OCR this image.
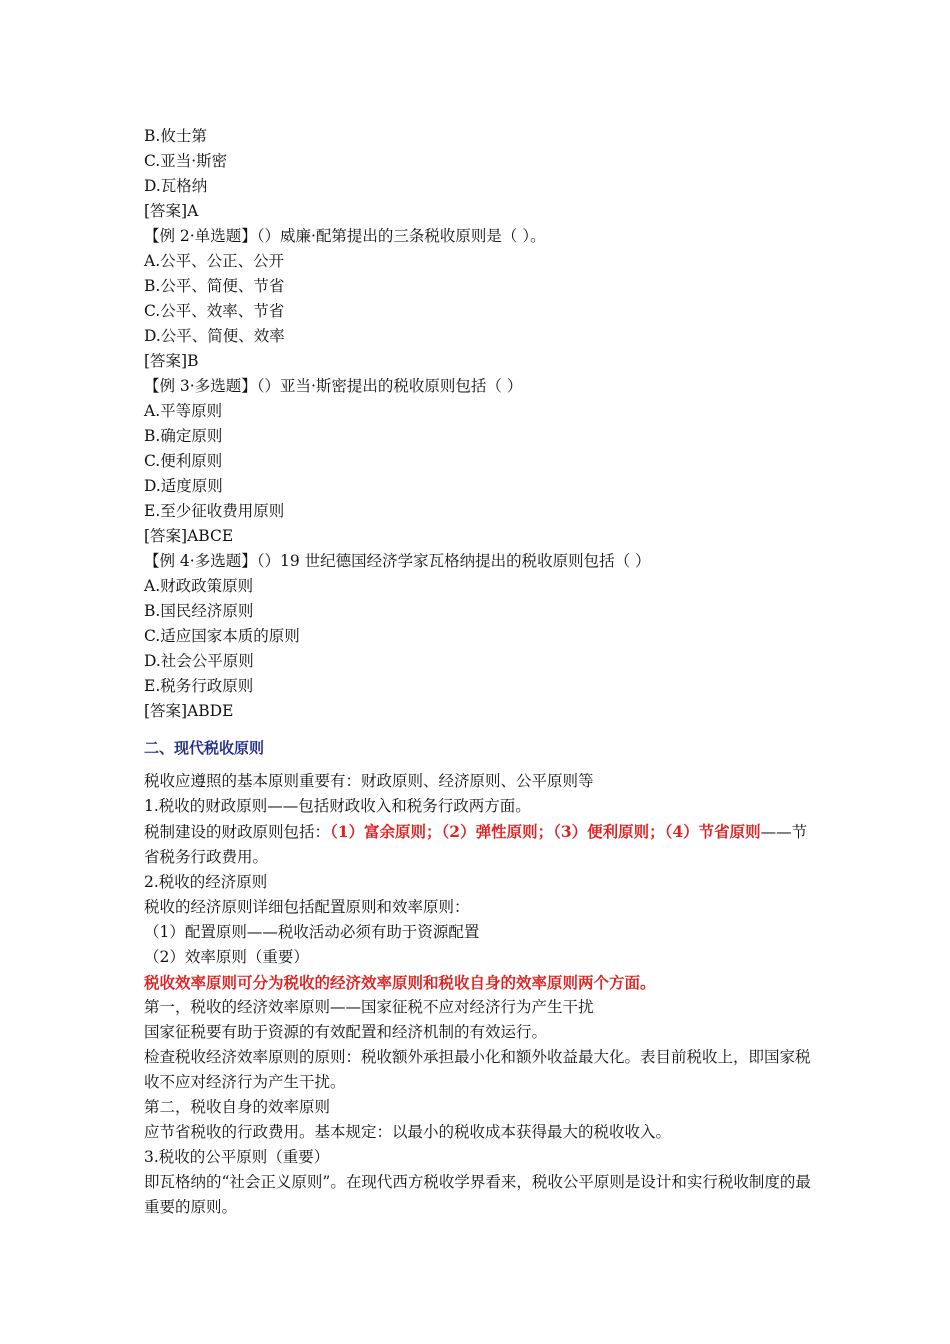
B.攸士第
C.亚当·斯密
D.瓦格纳
[答案]A
【例 2·单选题】（）威廉·配第提出的三条税收原则是（ ）。
A.公平、公正、公开
B.公平、简便、节省
C.公平、效率、节省
D.公平、简便、效率
[答案]B
【例 3·多选题】（）亚当·斯密提出的税收原则包括（ ）
A.平等原则
B.确定原则
C.便利原则
D.适度原则
E.至少征收费用原则
[答案]ABCE
【例 4·多选题】（）19 世纪德国经济学家瓦格纳提出的税收原则包括（ ）
A.财政政策原则
B.国民经济原则
C.适应国家本质的原则
D.社会公平原则
E.税务行政原则
[答案]ABDE
二、现代税收原则
税收应遵照的基本原则重要有：财政原则、经济原则、公平原则等
1.税收的财政原则——包括财政收入和税务行政两方面。
税制建设的财政原则包括：（1）富余原则；（2）弹性原则；（3）便利原则；（4）节省原则——节省税务行政费用。
2.税收的经济原则
税收的经济原则详细包括配置原则和效率原则：
（1）配置原则——税收活动必须有助于资源配置
（2）效率原则（重要）
税收效率原则可分为税收的经济效率原则和税收自身的效率原则两个方面。
第一，税收的经济效率原则——国家征税不应对经济行为产生干扰
国家征税要有助于资源的有效配置和经济机制的有效运行。
检查税收经济效率原则的原则：税收额外承担最小化和额外收益最大化。表目前税收上，即国家税收不应对经济行为产生干扰。
第二，税收自身的效率原则
应节省税收的行政费用。基本规定：以最小的税收成本获得最大的税收收入。
3.税收的公平原则（重要）
即瓦格纳的“社会正义原则”。在现代西方税收学界看来，税收公平原则是设计和实行税收制度的最重要的原则。
